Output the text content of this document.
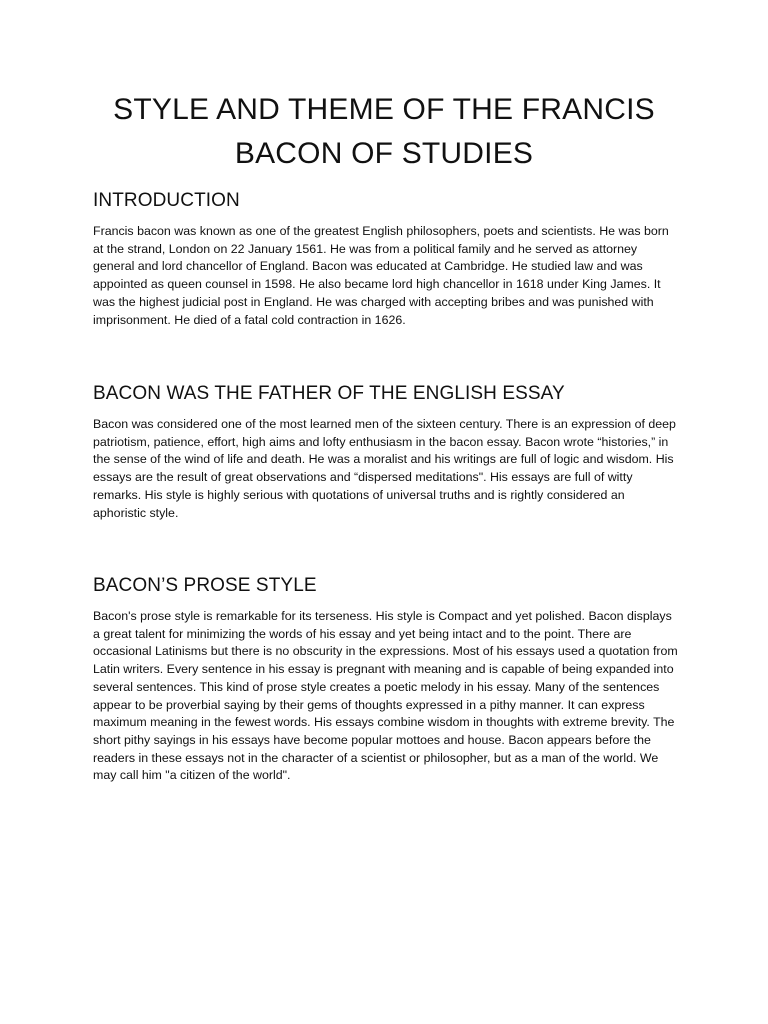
STYLE AND THEME OF THE FRANCIS BACON OF STUDIES
INTRODUCTION

Francis bacon was known as one of the greatest English philosophers, poets and scientists. He was born at the strand, London on 22 January 1561. He was from a political family and he served as attorney general and lord chancellor of England. Bacon was educated at Cambridge. He studied law and was appointed as queen counsel in 1598. He also became lord high chancellor in 1618 under King James. It was the highest judicial post in England. He was charged with accepting bribes and was punished with imprisonment. He died of a fatal cold contraction in 1626.

BACON WAS THE FATHER OF THE ENGLISH ESSAY

Bacon was considered one of the most learned men of the sixteen century. There is an expression of deep patriotism, patience, effort, high aims and lofty enthusiasm in the bacon essay. Bacon wrote “histories,” in the sense of the wind of life and death. He was a moralist and his writings are full of logic and wisdom. His essays are the result of great observations and “dispersed meditations". His essays are full of witty remarks. His style is highly serious with quotations of universal truths and is rightly considered an aphoristic style.

BACON’S PROSE STYLE

Bacon's prose style is remarkable for its terseness. His style is Compact and yet polished. Bacon displays a great talent for minimizing the words of his essay and yet being intact and to the point. There are occasional Latinisms but there is no obscurity in the expressions. Most of his essays used a quotation from Latin writers. Every sentence in his essay is pregnant with meaning and is capable of being expanded into several sentences. This kind of prose style creates a poetic melody in his essay. Many of the sentences appear to be proverbial saying by their gems of thoughts expressed in a pithy manner. It can express maximum meaning in the fewest words. His essays combine wisdom in thoughts with extreme brevity. The short pithy sayings in his essays have become popular mottoes and house. Bacon appears before the readers in these essays not in the character of a scientist or philosopher, but as a man of the world. We may call him "a citizen of the world".
